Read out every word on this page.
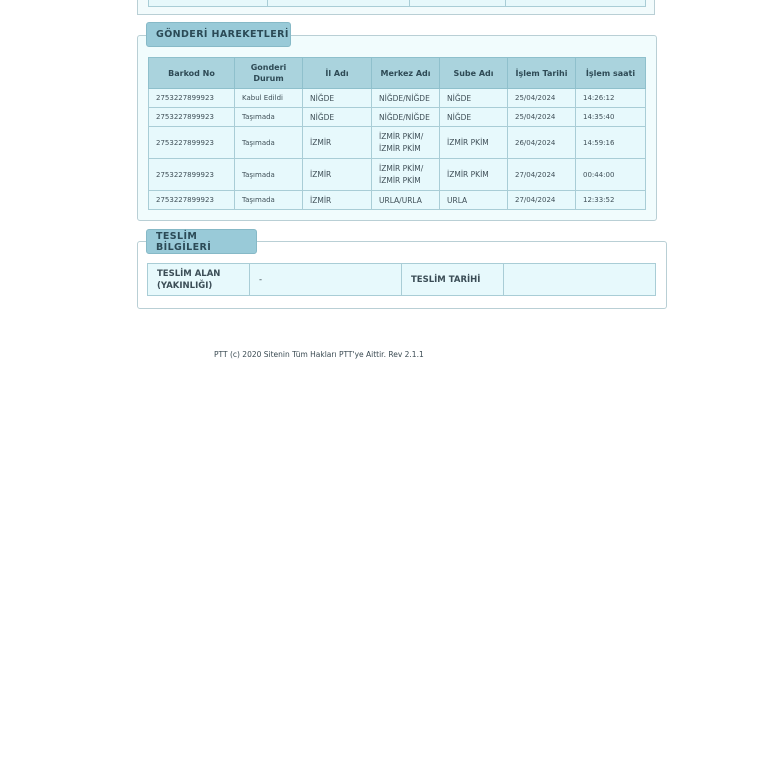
GÖNDERİ HAREKETLERİ
Barkod No	Gonderi Durum	İl Adı	Merkez Adı	Sube Adı	İşlem Tarihi	İşlem saati
2753227899923	Kabul Edildi	NİĞDE	NİĞDE/NİĞDE	NİĞDE	25/04/2024	14:26:12
2753227899923	Taşımada	NİĞDE	NİĞDE/NİĞDE	NİĞDE	25/04/2024	14:35:40
2753227899923	Taşımada	İZMİR	İZMİR PKİM/ İZMİR PKİM	İZMİR PKİM	26/04/2024	14:59:16
2753227899923	Taşımada	İZMİR	İZMİR PKİM/ İZMİR PKİM	İZMİR PKİM	27/04/2024	00:44:00
2753227899923	Taşımada	İZMİR	URLA/URLA	URLA	27/04/2024	12:33:52
TESLİM BİLGİLERİ
TESLİM ALAN (YAKINLIĞI)	-	TESLİM TARİHİ	
PTT (c) 2020 Sitenin Tüm Hakları PTT'ye Aittir. Rev 2.1.1
